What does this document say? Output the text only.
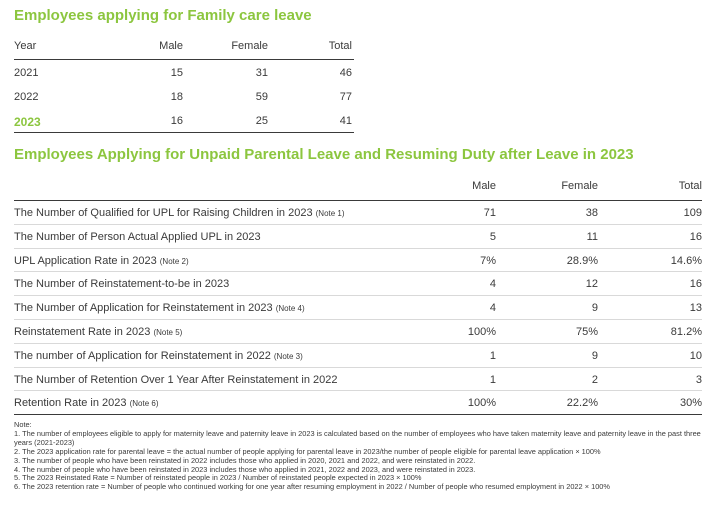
Employees applying for Family care leave
Year	Male	Female	Total
2021	15	31	46
2022	18	59	77
2023	16	25	41
Employees Applying for Unpaid Parental Leave and Resuming Duty after Leave in 2023
Male	Female	Total
The Number of Qualified for UPL for Raising Children in 2023 (Note 1)	71	38	109
The Number of Person Actual Applied UPL in 2023	5	11	16
UPL Application Rate in 2023 (Note 2)	7%	28.9%	14.6%
The Number of Reinstatement-to-be in 2023	4	12	16
The Number of Application for Reinstatement in 2023 (Note 4)	4	9	13
Reinstatement Rate in 2023 (Note 5)	100%	75%	81.2%
The number of Application for Reinstatement in 2022 (Note 3)	1	9	10
The Number of Retention Over 1 Year After Reinstatement in 2022	1	2	3
Retention Rate in 2023 (Note 6)	100%	22.2%	30%
Note:
1. The number of employees eligible to apply for maternity leave and paternity leave in 2023 is calculated based on the number of employees who have taken maternity leave and paternity leave in the past three years (2021-2023)
2. The 2023 application rate for parental leave = the actual number of people applying for parental leave in 2023/the number of people eligible for parental leave application × 100%
3. The number of people who have been reinstated in 2022 includes those who applied in 2020, 2021 and 2022, and were reinstated in 2022.
4. The number of people who have been reinstated in 2023 includes those who applied in 2021, 2022 and 2023, and were reinstated in 2023.
5. The 2023 Reinstated Rate = Number of reinstated people in 2023 / Number of reinstated people expected in 2023 × 100%
6. The 2023 retention rate = Number of people who continued working for one year after resuming employment in 2022 / Number of people who resumed employment in 2022 × 100%
